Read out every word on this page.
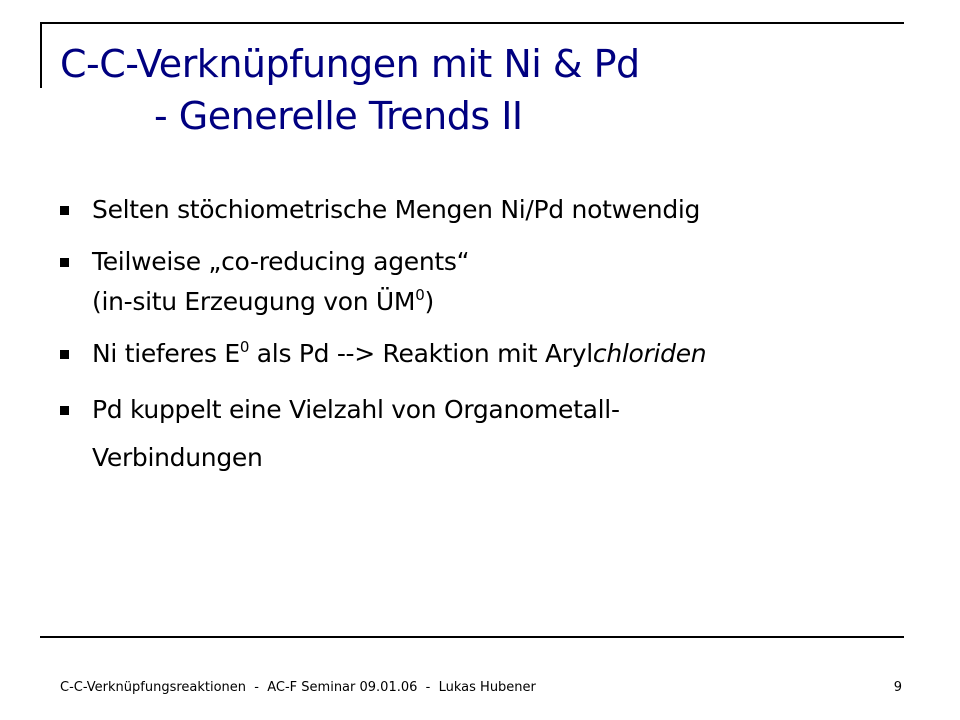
C-C-Verknüpfungen mit Ni & Pd
- Generelle Trends II
Selten stöchiometrische Mengen Ni/Pd notwendig
Teilweise „co-reducing agents“
(in-situ Erzeugung von $ÜM^0$)
Ni tieferes $E^0$ als Pd --> Reaktion mit Arylchloriden
Pd kuppelt eine Vielzahl von Organometall-
Verbindungen
C-C-Verknüpfungsreaktionen  -  AC-F Seminar 09.01.06  -  Lukas Hubener	9
